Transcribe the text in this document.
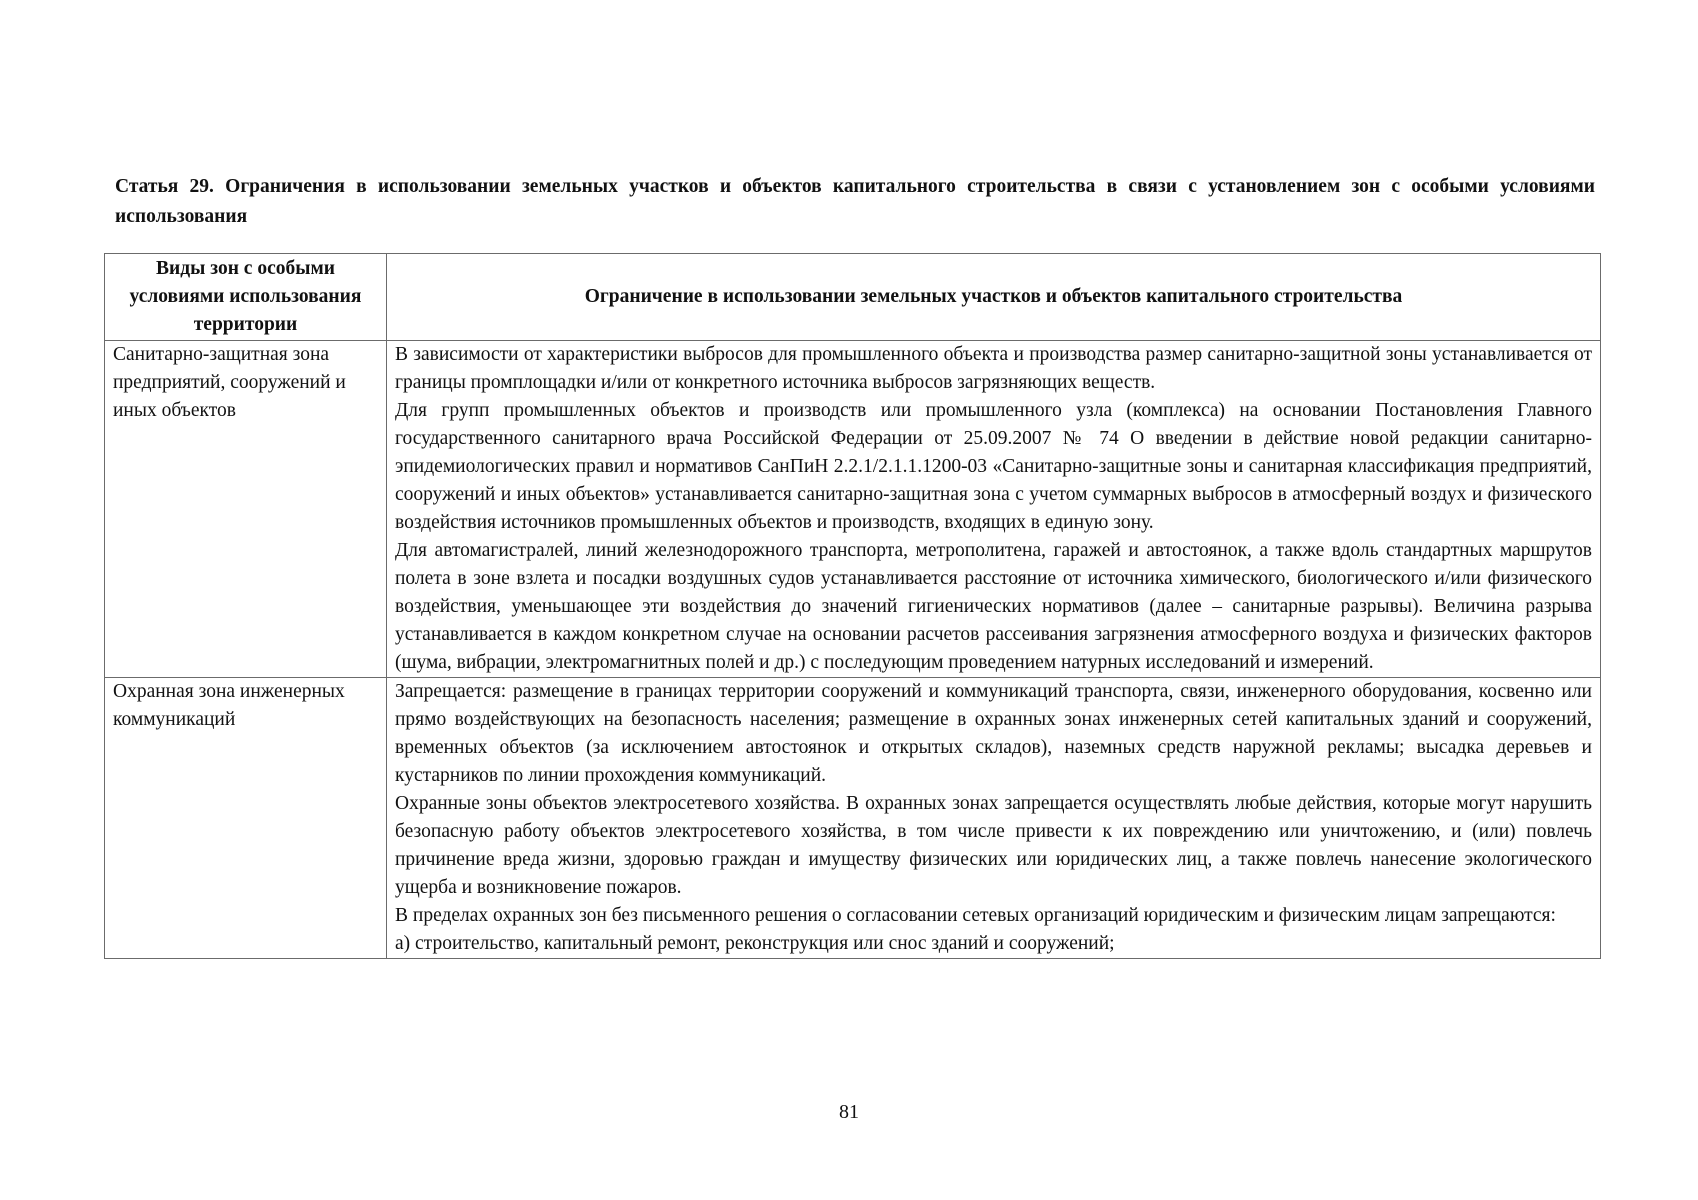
Статья 29. Ограничения в использовании земельных участков и объектов капитального строительства в связи с установлением зон с особыми условиями использования
Виды зон с особыми условиями использования территории	Ограничение в использовании земельных участков и объектов капитального строительства
Санитарно-защитная зона предприятий, сооружений и иных объектов	В зависимости от характеристики выбросов для промышленного объекта и производства размер санитарно-защитной зоны устанавливается от границы промплощадки и/или от конкретного источника выбросов загрязняющих веществ.

Для групп промышленных объектов и производств или промышленного узла (комплекса) на основании Постановления Главного государственного санитарного врача Российской Федерации от 25.09.2007 № 74 О введении в действие новой редакции санитарно-эпидемиологических правил и нормативов СанПиН 2.2.1/2.1.1.1200-03 «Санитарно-защитные зоны и санитарная классификация предприятий, сооружений и иных объектов» устанавливается санитарно-защитная зона с учетом суммарных выбросов в атмосферный воздух и физического воздействия источников промышленных объектов и производств, входящих в единую зону.

Для автомагистралей, линий железнодорожного транспорта, метрополитена, гаражей и автостоянок, а также вдоль стандартных маршрутов полета в зоне взлета и посадки воздушных судов устанавливается расстояние от источника химического, биологического и/или физического воздействия, уменьшающее эти воздействия до значений гигиенических нормативов (далее – санитарные разрывы). Величина разрыва устанавливается в каждом конкретном случае на основании расчетов рассеивания загрязнения атмосферного воздуха и физических факторов (шума, вибрации, электромагнитных полей и др.) с последующим проведением натурных исследований и измерений.

Охранная зона инженерных коммуникаций	Запрещается: размещение в границах территории сооружений и коммуникаций транспорта, связи, инженерного оборудования, косвенно или прямо воздействующих на безопасность населения; размещение в охранных зонах инженерных сетей капитальных зданий и сооружений, временных объектов (за исключением автостоянок и открытых складов), наземных средств наружной рекламы; высадка деревьев и кустарников по линии прохождения коммуникаций.

Охранные зоны объектов электросетевого хозяйства. В охранных зонах запрещается осуществлять любые действия, которые могут нарушить безопасную работу объектов электросетевого хозяйства, в том числе привести к их повреждению или уничтожению, и (или) повлечь причинение вреда жизни, здоровью граждан и имуществу физических или юридических лиц, а также повлечь нанесение экологического ущерба и возникновение пожаров.

В пределах охранных зон без письменного решения о согласовании сетевых организаций юридическим и физическим лицам запрещаются:

а) строительство, капитальный ремонт, реконструкция или снос зданий и сооружений;

81
